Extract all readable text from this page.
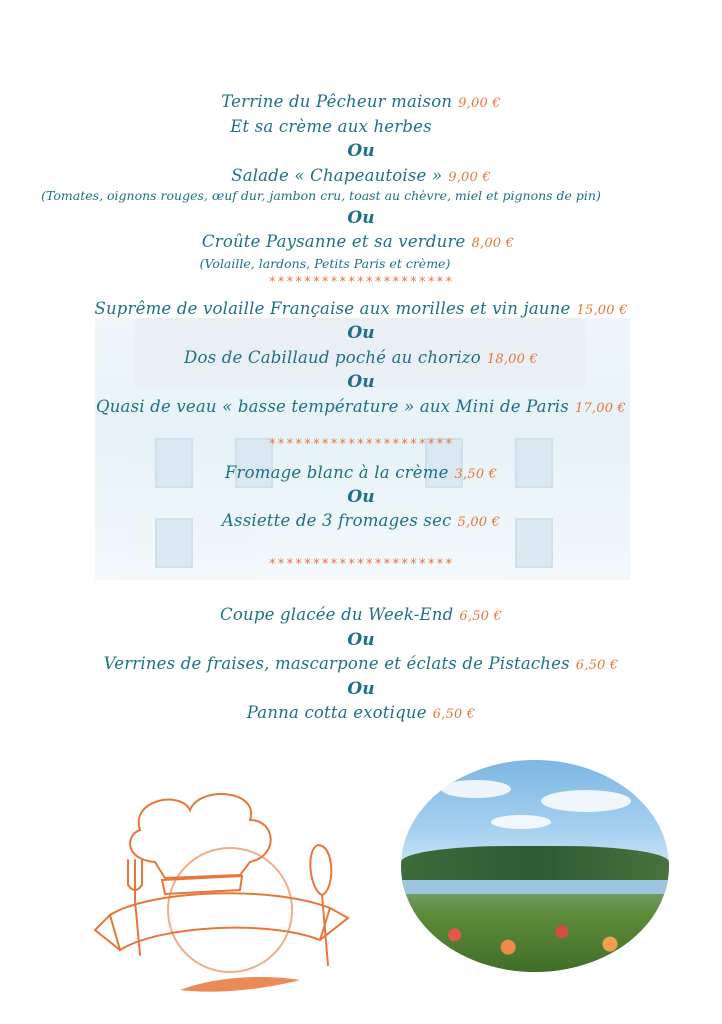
Terrine du Pêcheur maison 9,00 €
Et sa crème aux herbes
Ou
Salade « Chapeautoise » 9,00 €
(Tomates, oignons rouges, œuf dur, jambon cru, toast au chèvre, miel et pignons de pin)
Ou
Croûte Paysanne et sa verdure 8,00 €
(Volaille, lardons, Petits Paris et crème)
*********************
Suprême de volaille Française aux morilles et vin jaune 15,00 €
Ou
Dos de Cabillaud poché au chorizo 18,00 €
Ou
Quasi de veau « basse température » aux Mini de Paris 17,00 €
*********************
Fromage blanc à la crème 3,50 €
Ou
Assiette de 3 fromages sec 5,00 €
*********************
Coupe glacée du Week-End 6,50 €
Ou
Verrines de fraises, mascarpone et éclats de Pistaches 6,50 €
Ou
Panna cotta exotique 6,50 €
